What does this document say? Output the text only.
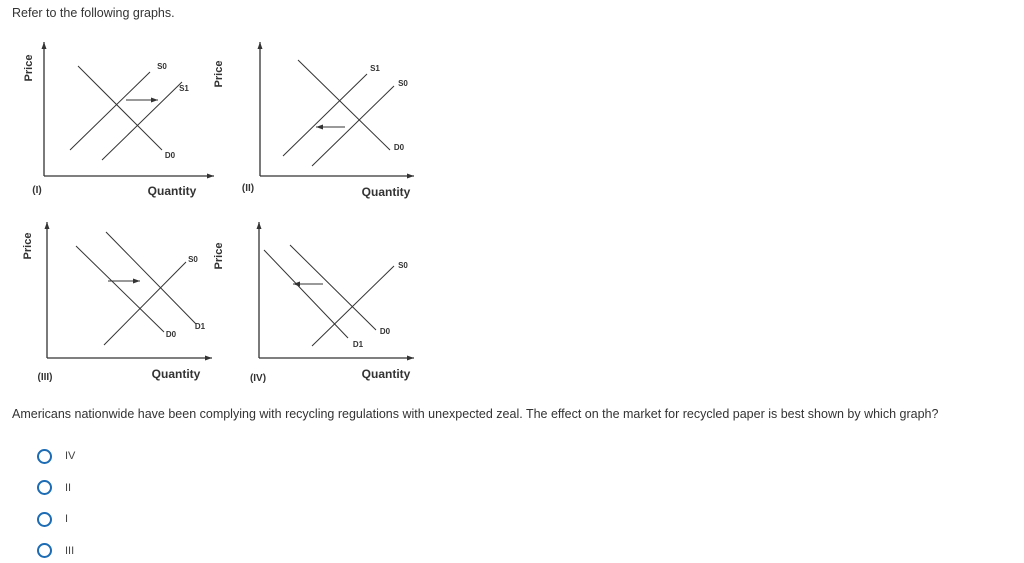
Refer to the following graphs.
Price
Quantity
(I)
S0
S1
D0
Price
Quantity
(II)
S1
S0
D0
Price
Quantity
(III)
S0
D1
D0
Price
Quantity
(IV)
S0
D0
D1
Americans nationwide have been complying with recycling regulations with unexpected zeal. The effect on the market for recycled paper is best shown by which graph?
IV
II
I
III
